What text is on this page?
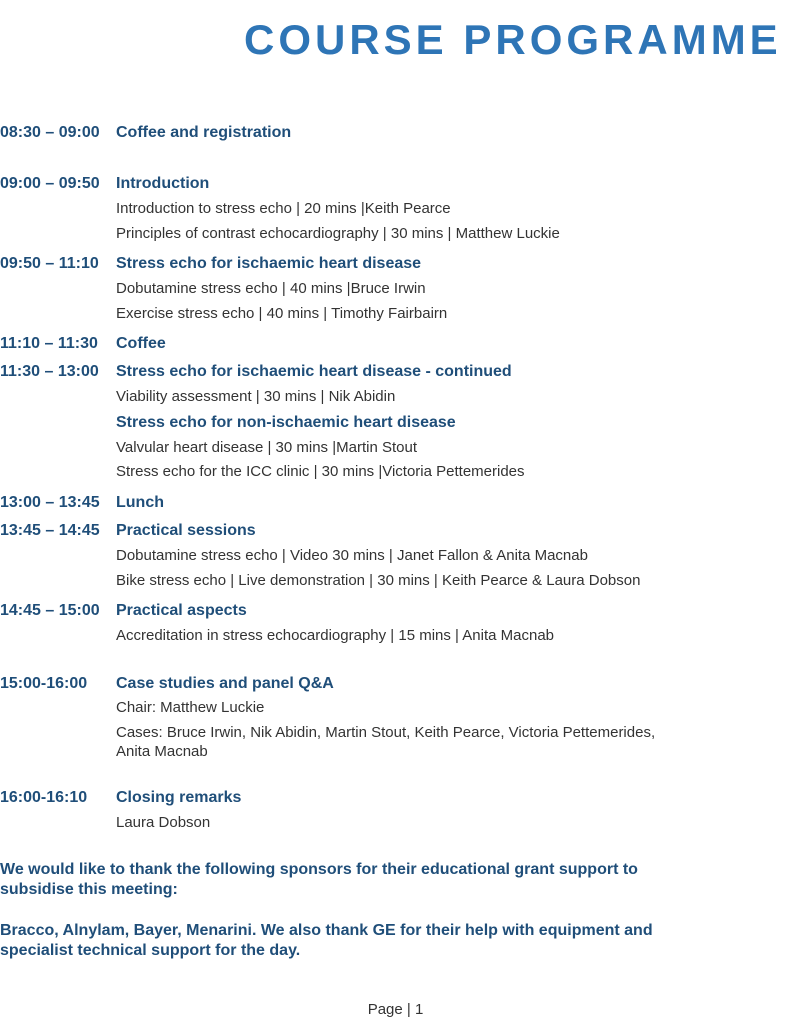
COURSE PROGRAMME
08:30 – 09:00 Coffee and registration
09:00 – 09:50 Introduction
Introduction to stress echo | 20 mins |Keith Pearce
Principles of contrast echocardiography | 30 mins | Matthew Luckie
09:50 – 11:10 Stress echo for ischaemic heart disease
Dobutamine stress echo | 40 mins |Bruce Irwin
Exercise stress echo | 40 mins | Timothy Fairbairn
11:10 – 11:30 Coffee
11:30 – 13:00 Stress echo for ischaemic heart disease - continued
Viability assessment | 30 mins | Nik Abidin
Stress echo for non-ischaemic heart disease
Valvular heart disease | 30 mins |Martin Stout
Stress echo for the ICC clinic | 30 mins |Victoria Pettemerides
13:00 – 13:45 Lunch
13:45 – 14:45 Practical sessions
Dobutamine stress echo | Video 30 mins | Janet Fallon & Anita Macnab
Bike stress echo | Live demonstration | 30 mins | Keith Pearce & Laura Dobson
14:45 – 15:00 Practical aspects
Accreditation in stress echocardiography | 15 mins | Anita Macnab
15:00-16:00 Case studies and panel Q&A
Chair: Matthew Luckie
Cases: Bruce Irwin, Nik Abidin, Martin Stout, Keith Pearce, Victoria Pettemerides,
Anita Macnab
16:00-16:10 Closing remarks
Laura Dobson
We would like to thank the following sponsors for their educational grant support to
subsidise this meeting:
Bracco, Alnylam, Bayer, Menarini. We also thank GE for their help with equipment and
specialist technical support for the day.
Page | 1
